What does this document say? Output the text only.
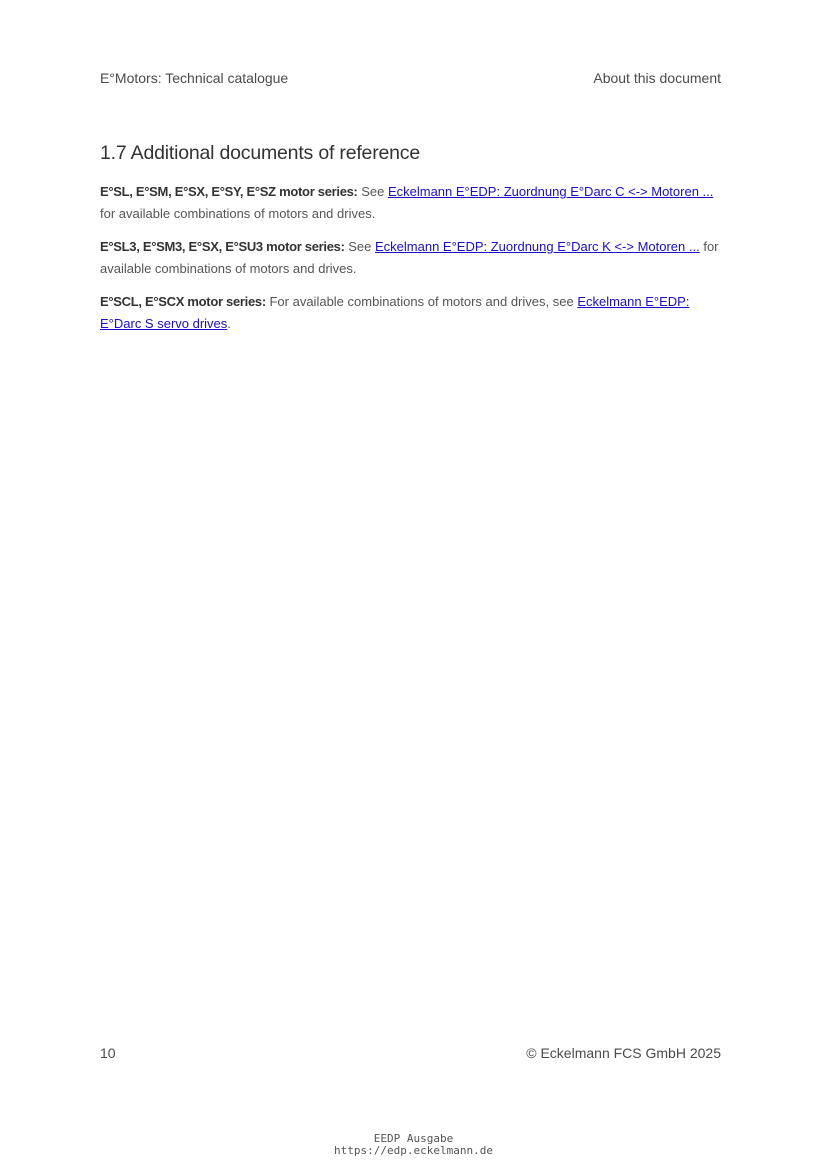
E°Motors: Technical catalogue	About this document
1.7 Additional documents of reference

E°SL, E°SM, E°SX, E°SY, E°SZ motor series: See Eckelmann E°EDP: Zuordnung E°Darc C <-> Motoren ... for available combinations of motors and drives.

E°SL3, E°SM3, E°SX, E°SU3 motor series: See Eckelmann E°EDP: Zuordnung E°Darc K <-> Motoren ... for available combinations of motors and drives.

E°SCL, E°SCX motor series: For available combinations of motors and drives, see Eckelmann E°EDP: E°Darc S servo drives.

10	© Eckelmann FCS GmbH 2025
EEDP Ausgabe
https://edp.eckelmann.de
